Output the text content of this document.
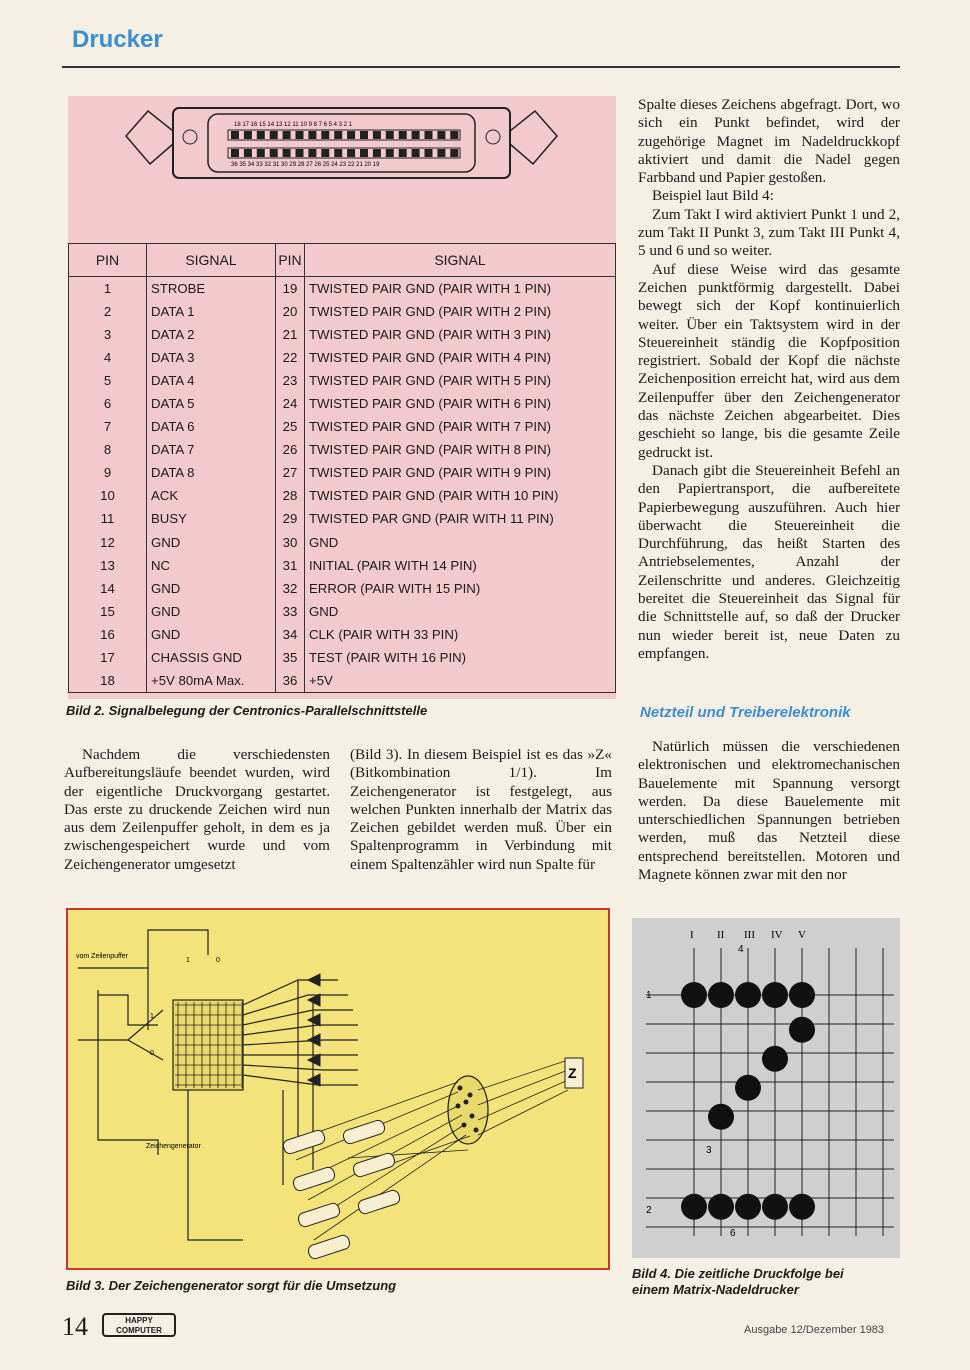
Drucker
18 17 16 15 14 13 12 11 10 9 8 7 6 5 4 3 2 1
36 35 34 33 32 31 30 29 28 27 26 25 24 23 22 21 20 19
PIN	SIGNAL	PIN	SIGNAL
1	STROBE	19	TWISTED PAIR GND (PAIR WITH 1 PIN)
2	DATA 1	20	TWISTED PAIR GND (PAIR WITH 2 PIN)
3	DATA 2	21	TWISTED PAIR GND (PAIR WITH 3 PIN)
4	DATA 3	22	TWISTED PAIR GND (PAIR WITH 4 PIN)
5	DATA 4	23	TWISTED PAIR GND (PAIR WITH 5 PIN)
6	DATA 5	24	TWISTED PAIR GND (PAIR WITH 6 PIN)
7	DATA 6	25	TWISTED PAIR GND (PAIR WITH 7 PIN)
8	DATA 7	26	TWISTED PAIR GND (PAIR WITH 8 PIN)
9	DATA 8	27	TWISTED PAIR GND (PAIR WITH 9 PIN)
10	ACK	28	TWISTED PAIR GND (PAIR WITH 10 PIN)
11	BUSY	29	TWISTED PAR GND (PAIR WITH 11 PIN)
12	GND	30	GND
13	NC	31	INITIAL (PAIR WITH 14 PIN)
14	GND	32	ERROR (PAIR WITH 15 PIN)
15	GND	33	GND
16	GND	34	CLK (PAIR WITH 33 PIN)
17	CHASSIS GND	35	TEST (PAIR WITH 16 PIN)
18	+5V 80mA Max.	36	+5V
Bild 2. Signalbelegung der Centronics-Parallelschnittstelle
Nachdem die verschiedensten Aufbereitungsläufe beendet wurden, wird der eigentliche Druckvorgang gestartet. Das erste zu druckende Zeichen wird nun aus dem Zeilenpuffer geholt, in dem es ja zwischengespeichert wurde und vom Zeichengenerator umgesetzt
(Bild 3). In diesem Beispiel ist es das »Z« (Bitkombination 1/1). Im Zeichengenerator ist festgelegt, aus welchen Punkten innerhalb der Matrix das Zeichen gebildet werden muß. Über ein Spaltenprogramm in Verbindung mit einem Spaltenzähler wird nun Spalte für

Spalte dieses Zeichens abgefragt. Dort, wo sich ein Punkt befindet, wird der zugehörige Magnet im Nadeldruckkopf aktiviert und damit die Nadel gegen Farbband und Papier gestoßen.

Beispiel laut Bild 4:

Zum Takt I wird aktiviert Punkt 1 und 2, zum Takt II Punkt 3, zum Takt III Punkt 4, 5 und 6 und so weiter.

Auf diese Weise wird das gesamte Zeichen punktförmig dargestellt. Dabei bewegt sich der Kopf kontinuierlich weiter. Über ein Taktsystem wird in der Steuereinheit ständig die Kopfposition registriert. Sobald der Kopf die nächste Zeichenposition erreicht hat, wird aus dem Zeilenpuffer über den Zeichengenerator das nächste Zeichen abgearbeitet. Dies geschieht so lange, bis die gesamte Zeile gedruckt ist.

Danach gibt die Steuereinheit Befehl an den Papiertransport, die aufbereitete Papierbewegung auszuführen. Auch hier überwacht die Steuereinheit die Durchführung, das heißt Starten des Antriebselementes, Anzahl der Zeilenschritte und anderes. Gleichzeitig bereitet die Steuereinheit das Signal für die Schnittstelle auf, so daß der Drucker nun wieder bereit ist, neue Daten zu empfangen.

Netzteil und Treiberelektronik
Natürlich müssen die verschiedenen elektronischen und elektromechanischen Bauelemente mit Spannung versorgt werden. Da diese Bauelemente mit unterschiedlichen Spannungen betrieben werden, muß das Netzteil diese entsprechend bereitstellen. Motoren und Magnete können zwar mit den nor
Z
vom Zeilenpuffer
Zeichengenerator
1	0
1
0
Bild 3. Der Zeichengenerator sorgt für die Umsetzung
I II III IV V
1
2
3
4
5
6
Bild 4. Die zeitliche Druckfolge bei
einem Matrix-Nadeldrucker
14	HAPPY
COMPUTER	Ausgabe 12/Dezember 1983
